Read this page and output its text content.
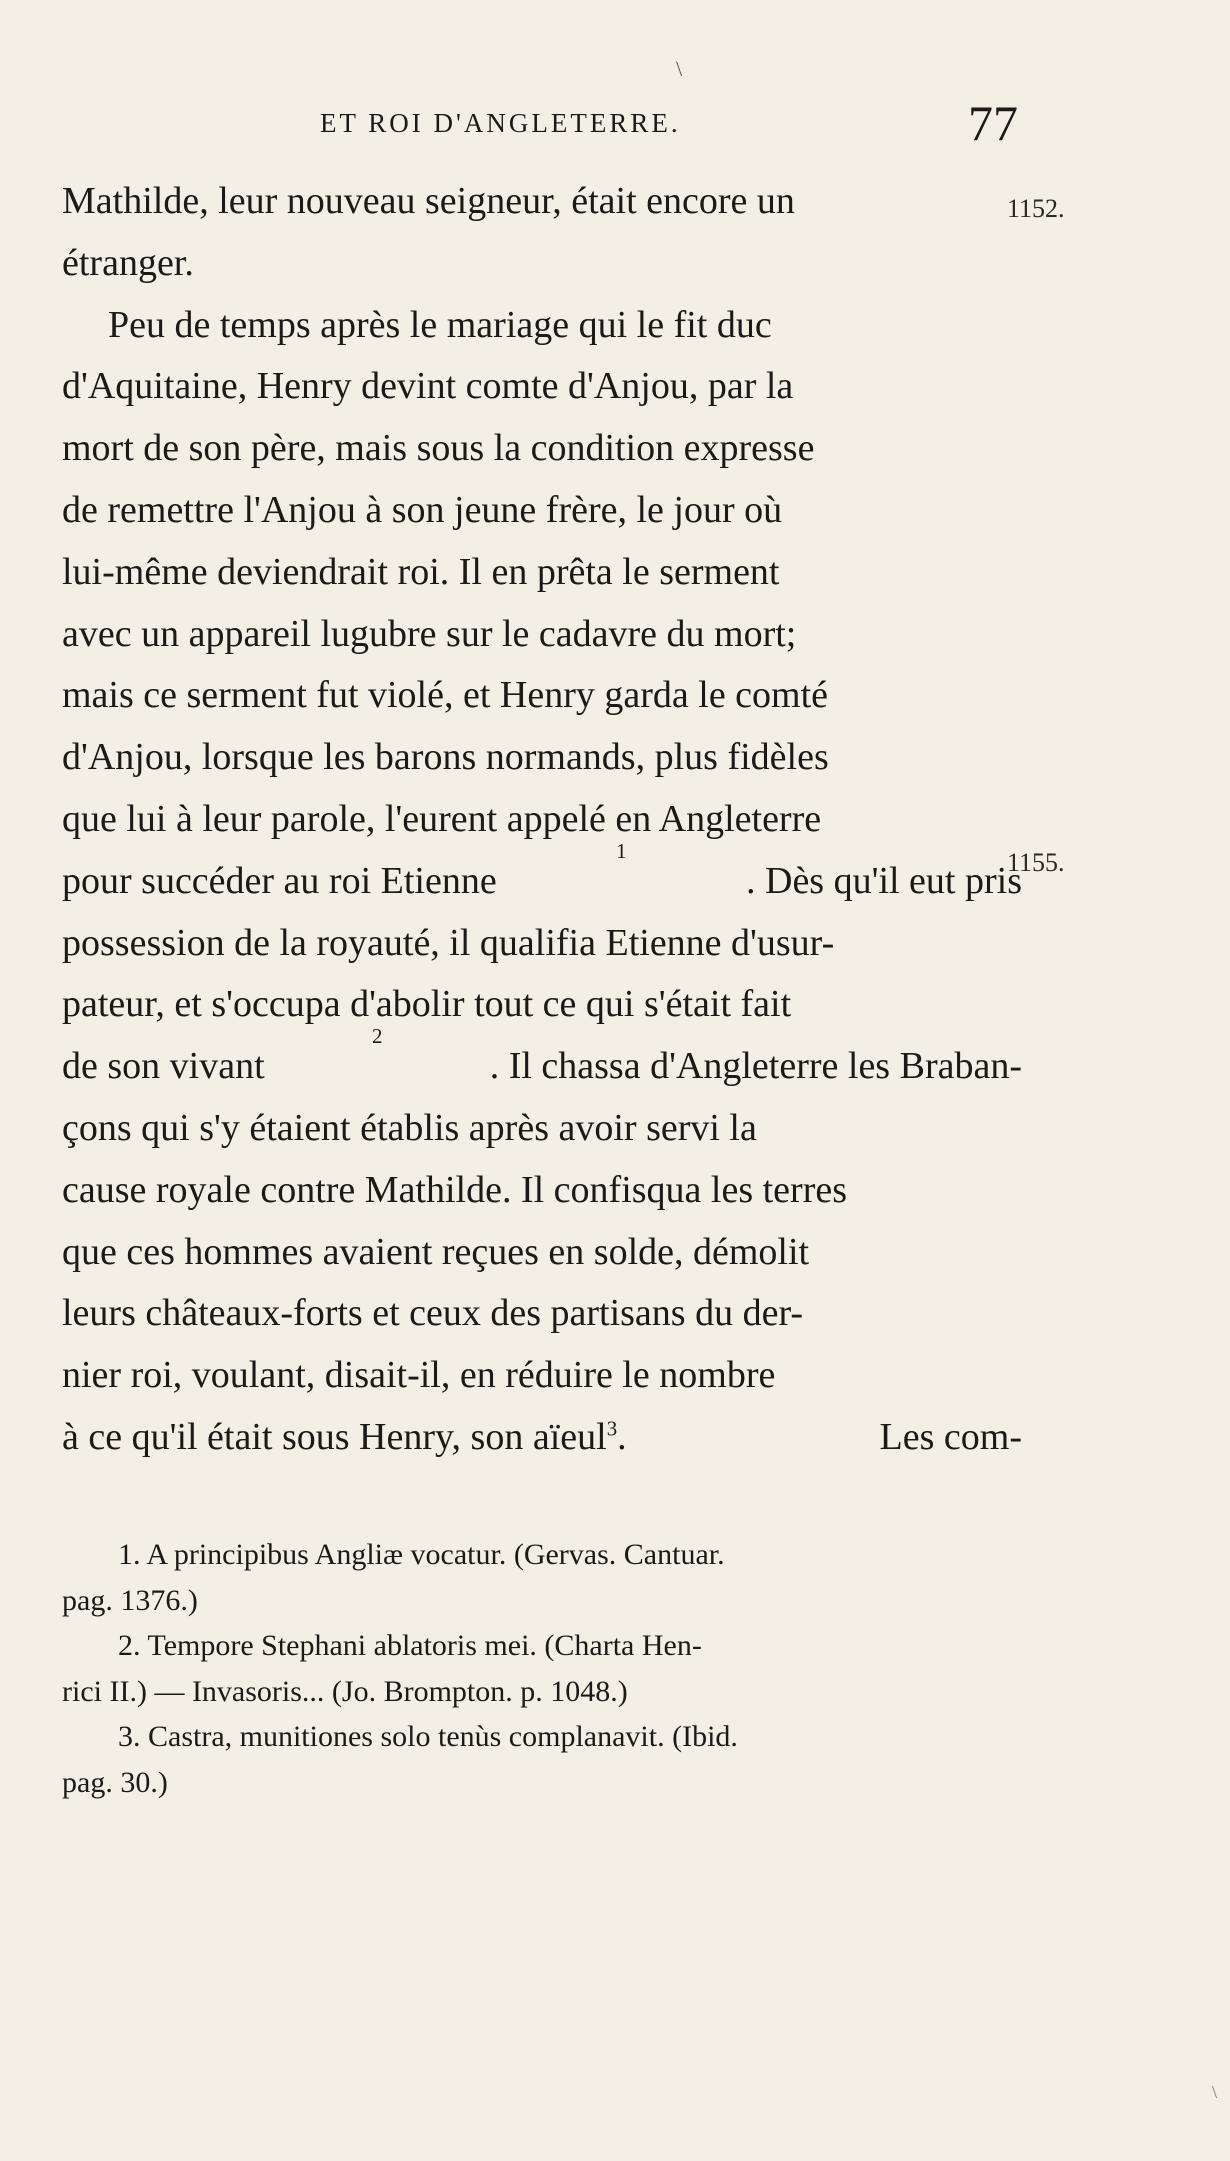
\
ET ROI D'ANGLETERRE.	77
Mathilde, leur nouveau seigneur, était encore un
étranger.
Peu de temps après le mariage qui le fit duc
d'Aquitaine, Henry devint comte d'Anjou, par la
mort de son père, mais sous la condition expresse
de remettre l'Anjou à son jeune frère, le jour où
lui-même deviendrait roi. Il en prêta le serment
avec un appareil lugubre sur le cadavre du mort;
mais ce serment fut violé, et Henry garda le comté
d'Anjou, lorsque les barons normands, plus fidèles
que lui à leur parole, l'eurent appelé en Angleterre
pour succéder au roi Etienne
1
. Dès qu'il eut pris
possession de la royauté, il qualifia Etienne d'usur-
pateur, et s'occupa d'abolir tout ce qui s'était fait
de son vivant
2
. Il chassa d'Angleterre les Braban-
çons qui s'y étaient établis après avoir servi la
cause royale contre Mathilde. Il confisqua les terres
que ces hommes avaient reçues en solde, démolit
leurs châteaux-forts et ceux des partisans du der-
nier roi, voulant, disait-il, en réduire le nombre
à ce qu'il était sous Henry, son aïeul$^3$.	Les com-
1152.
1155.
1. A principibus Angliæ vocatur. (Gervas. Cantuar.
pag. 1376.)
2. Tempore Stephani ablatoris mei. (Charta Hen-
rici II.) — Invasoris... (Jo. Brompton. p. 1048.)
3. Castra, munitiones solo tenùs complanavit. (Ibid.
pag. 30.)
\
